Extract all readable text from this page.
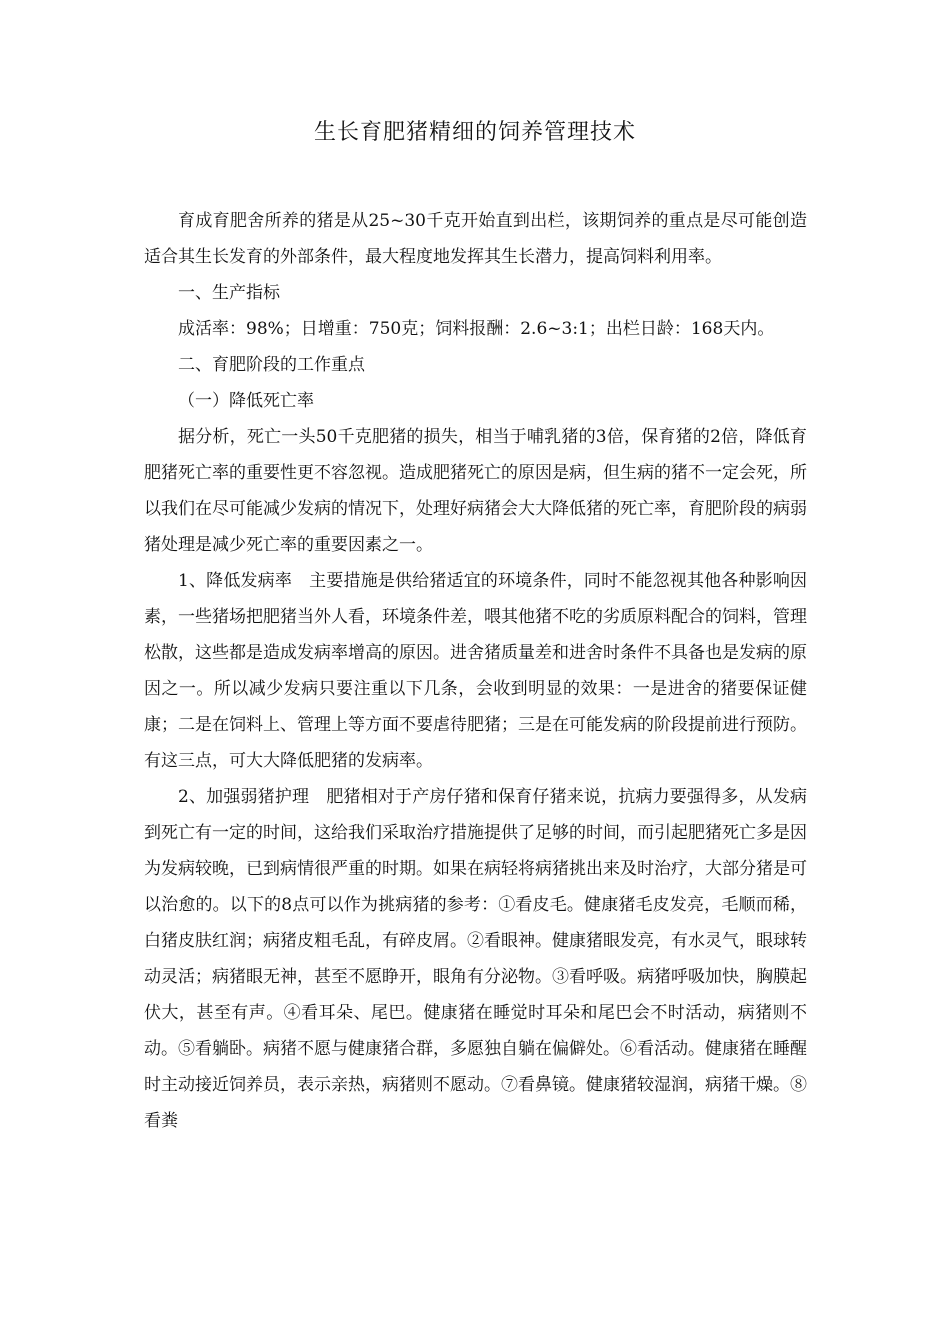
生长育肥猪精细的饲养管理技术

育成育肥舍所养的猪是从25~30千克开始直到出栏，该期饲养的重点是尽可能创造适合其生长发育的外部条件，最大程度地发挥其生长潜力，提高饲料利用率。

一、生产指标

成活率：98%；日增重：750克；饲料报酬：2.6~3:1；出栏日龄：168天内。

二、育肥阶段的工作重点

（一）降低死亡率

据分析，死亡一头50千克肥猪的损失，相当于哺乳猪的3倍，保育猪的2倍，降低育肥猪死亡率的重要性更不容忽视。造成肥猪死亡的原因是病，但生病的猪不一定会死，所以我们在尽可能减少发病的情况下，处理好病猪会大大降低猪的死亡率，育肥阶段的病弱猪处理是减少死亡率的重要因素之一。

1、降低发病率　主要措施是供给猪适宜的环境条件，同时不能忽视其他各种影响因素，一些猪场把肥猪当外人看，环境条件差，喂其他猪不吃的劣质原料配合的饲料，管理松散，这些都是造成发病率增高的原因。进舍猪质量差和进舍时条件不具备也是发病的原因之一。所以减少发病只要注重以下几条，会收到明显的效果：一是进舍的猪要保证健康；二是在饲料上、管理上等方面不要虐待肥猪；三是在可能发病的阶段提前进行预防。有这三点，可大大降低肥猪的发病率。

2、加强弱猪护理　肥猪相对于产房仔猪和保育仔猪来说，抗病力要强得多，从发病到死亡有一定的时间，这给我们采取治疗措施提供了足够的时间，而引起肥猪死亡多是因为发病较晚，已到病情很严重的时期。如果在病轻将病猪挑出来及时治疗，大部分猪是可以治愈的。以下的8点可以作为挑病猪的参考：①看皮毛。健康猪毛皮发亮，毛顺而稀，白猪皮肤红润；病猪皮粗毛乱，有碎皮屑。②看眼神。健康猪眼发亮，有水灵气，眼球转动灵活；病猪眼无神，甚至不愿睁开，眼角有分泌物。③看呼吸。病猪呼吸加快，胸膜起伏大，甚至有声。④看耳朵、尾巴。健康猪在睡觉时耳朵和尾巴会不时活动，病猪则不动。⑤看躺卧。病猪不愿与健康猪合群，多愿独自躺在偏僻处。⑥看活动。健康猪在睡醒时主动接近饲养员，表示亲热，病猪则不愿动。⑦看鼻镜。健康猪较湿润，病猪干燥。⑧看粪
